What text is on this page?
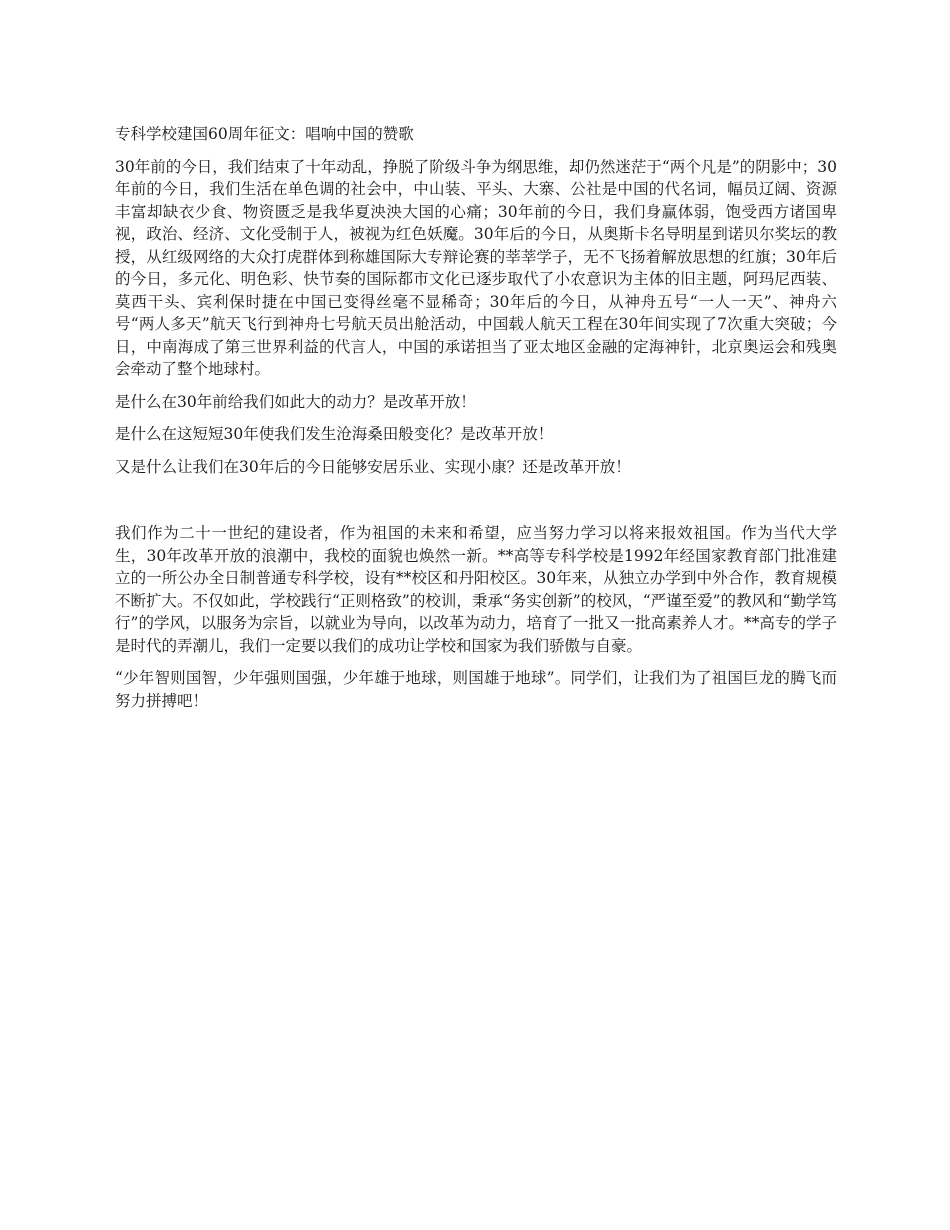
专科学校建国60周年征文：唱响中国的赞歌

30年前的今日，我们结束了十年动乱，挣脱了阶级斗争为纲思维，却仍然迷茫于“两个凡是”的阴影中；30年前的今日，我们生活在单色调的社会中，中山装、平头、大寨、公社是中国的代名词，幅员辽阔、资源丰富却缺衣少食、物资匮乏是我华夏泱泱大国的心痛；30年前的今日，我们身赢体弱，饱受西方诸国卑视，政治、经济、文化受制于人，被视为红色妖魔。30年后的今日，从奥斯卡名导明星到诺贝尔奖坛的教授，从红级网络的大众打虎群体到称雄国际大专辩论赛的莘莘学子，无不飞扬着解放思想的红旗；30年后的今日，多元化、明色彩、快节奏的国际都市文化已逐步取代了小农意识为主体的旧主题，阿玛尼西装、莫西干头、宾利保时捷在中国已变得丝毫不显稀奇；30年后的今日，从神舟五号“一人一天”、神舟六号“两人多天”航天飞行到神舟七号航天员出舱活动，中国载人航天工程在30年间实现了7次重大突破；今日，中南海成了第三世界利益的代言人，中国的承诺担当了亚太地区金融的定海神针，北京奥运会和残奥会牵动了整个地球村。

是什么在30年前给我们如此大的动力？是改革开放！

是什么在这短短30年使我们发生沧海桑田般变化？是改革开放！

又是什么让我们在30年后的今日能够安居乐业、实现小康？还是改革开放！

我们作为二十一世纪的建设者，作为祖国的未来和希望，应当努力学习以将来报效祖国。作为当代大学生，30年改革开放的浪潮中，我校的面貌也焕然一新。**高等专科学校是1992年经国家教育部门批准建立的一所公办全日制普通专科学校，设有**校区和丹阳校区。30年来，从独立办学到中外合作，教育规模不断扩大。不仅如此，学校践行“正则格致”的校训，秉承“务实创新”的校风，“严谨至爱”的教风和“勤学笃行”的学风，以服务为宗旨，以就业为导向，以改革为动力，培育了一批又一批高素养人才。**高专的学子是时代的弄潮儿，我们一定要以我们的成功让学校和国家为我们骄傲与自豪。

“少年智则国智，少年强则国强，少年雄于地球，则国雄于地球”。同学们，让我们为了祖国巨龙的腾飞而努力拼搏吧！
